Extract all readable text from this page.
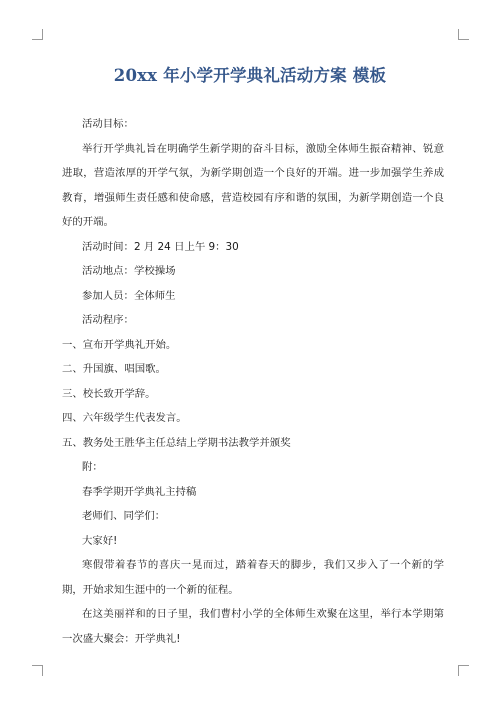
20xx 年小学开学典礼活动方案 模板

活动目标：

举行开学典礼旨在明确学生新学期的奋斗目标，激励全体师生振奋精神、锐意进取，营造浓厚的开学气氛，为新学期创造一个良好的开端。进一步加强学生养成教育，增强师生责任感和使命感，营造校园有序和谐的氛围，为新学期创造一个良好的开端。

活动时间：2 月 24 日上午 9：30

活动地点：学校操场

参加人员：全体师生

活动程序：

一、宣布开学典礼开始。

二、升国旗、唱国歌。

三、校长致开学辞。

四、六年级学生代表发言。

五、教务处王胜华主任总结上学期书法教学并颁奖

附：

春季学期开学典礼主持稿

老师们、同学们：

大家好!

寒假带着春节的喜庆一晃而过，踏着春天的脚步，我们又步入了一个新的学期，开始求知生涯中的一个新的征程。

在这美丽祥和的日子里，我们曹村小学的全体师生欢聚在这里，举行本学期第一次盛大聚会：开学典礼!
